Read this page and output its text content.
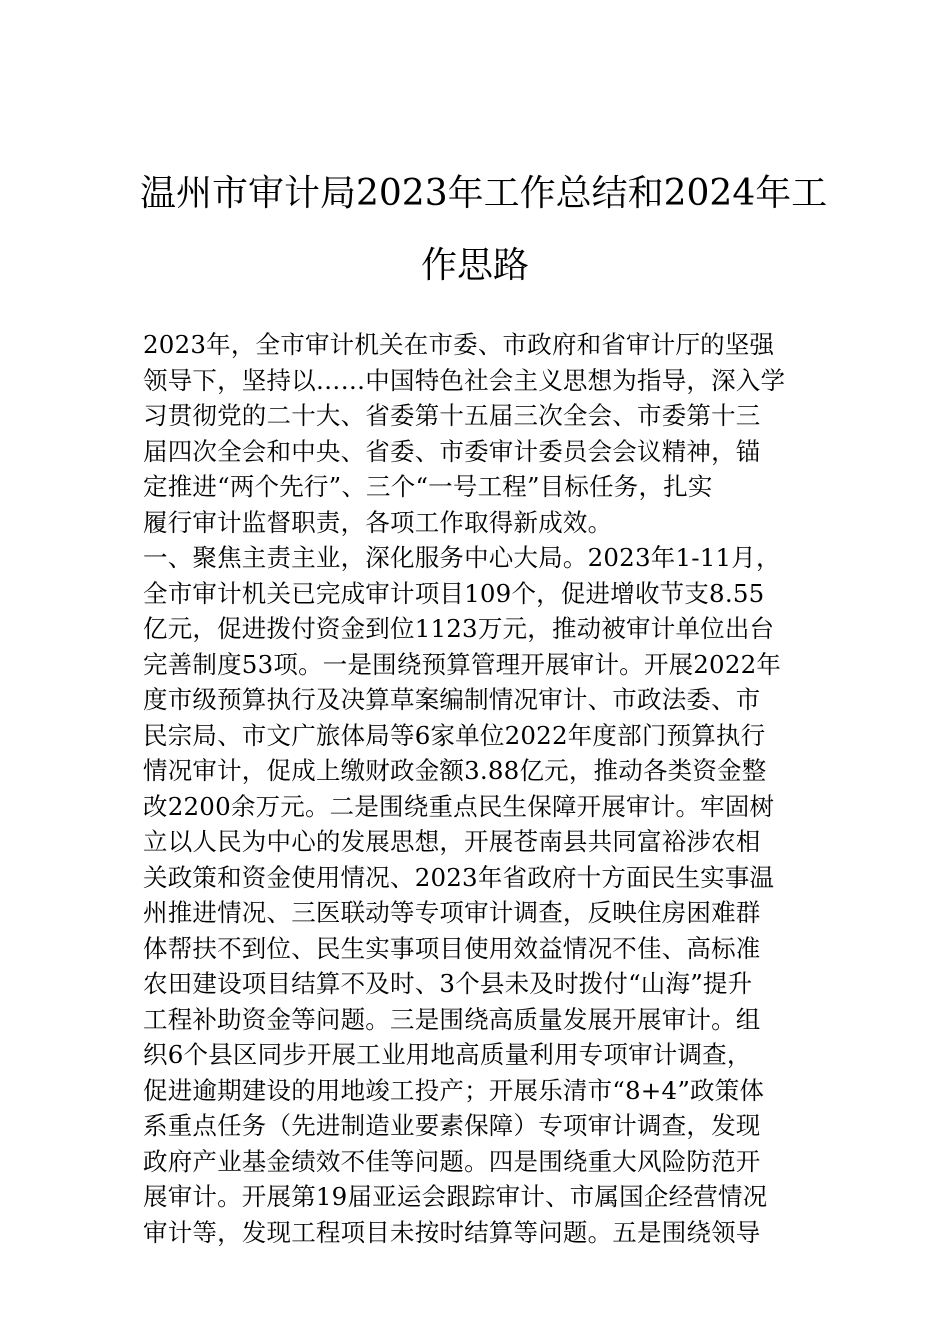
温州市审计局2023年工作总结和2024年工
作思路
2023年，全市审计机关在市委、市政府和省审计厅的坚强
领导下，坚持以……中国特色社会主义思想为指导，深入学
习贯彻党的二十大、省委第十五届三次全会、市委第十三
届四次全会和中央、省委、市委审计委员会会议精神，锚
定推进“两个先行”、三个“一号工程”目标任务，扎实
履行审计监督职责，各项工作取得新成效。
一、聚焦主责主业，深化服务中心大局。2023年1-11月，
全市审计机关已完成审计项目109个，促进增收节支8.55
亿元，促进拨付资金到位1123万元，推动被审计单位出台
完善制度53项。一是围绕预算管理开展审计。开展2022年
度市级预算执行及决算草案编制情况审计、市政法委、市
民宗局、市文广旅体局等6家单位2022年度部门预算执行
情况审计，促成上缴财政金额3.88亿元，推动各类资金整
改2200余万元。二是围绕重点民生保障开展审计。牢固树
立以人民为中心的发展思想，开展苍南县共同富裕涉农相
关政策和资金使用情况、2023年省政府十方面民生实事温
州推进情况、三医联动等专项审计调查，反映住房困难群
体帮扶不到位、民生实事项目使用效益情况不佳、高标准
农田建设项目结算不及时、3个县未及时拨付“山海”提升
工程补助资金等问题。三是围绕高质量发展开展审计。组
织6个县区同步开展工业用地高质量利用专项审计调查，
促进逾期建设的用地竣工投产；开展乐清市“8+4”政策体
系重点任务（先进制造业要素保障）专项审计调查，发现
政府产业基金绩效不佳等问题。四是围绕重大风险防范开
展审计。开展第19届亚运会跟踪审计、市属国企经营情况
审计等，发现工程项目未按时结算等问题。五是围绕领导
